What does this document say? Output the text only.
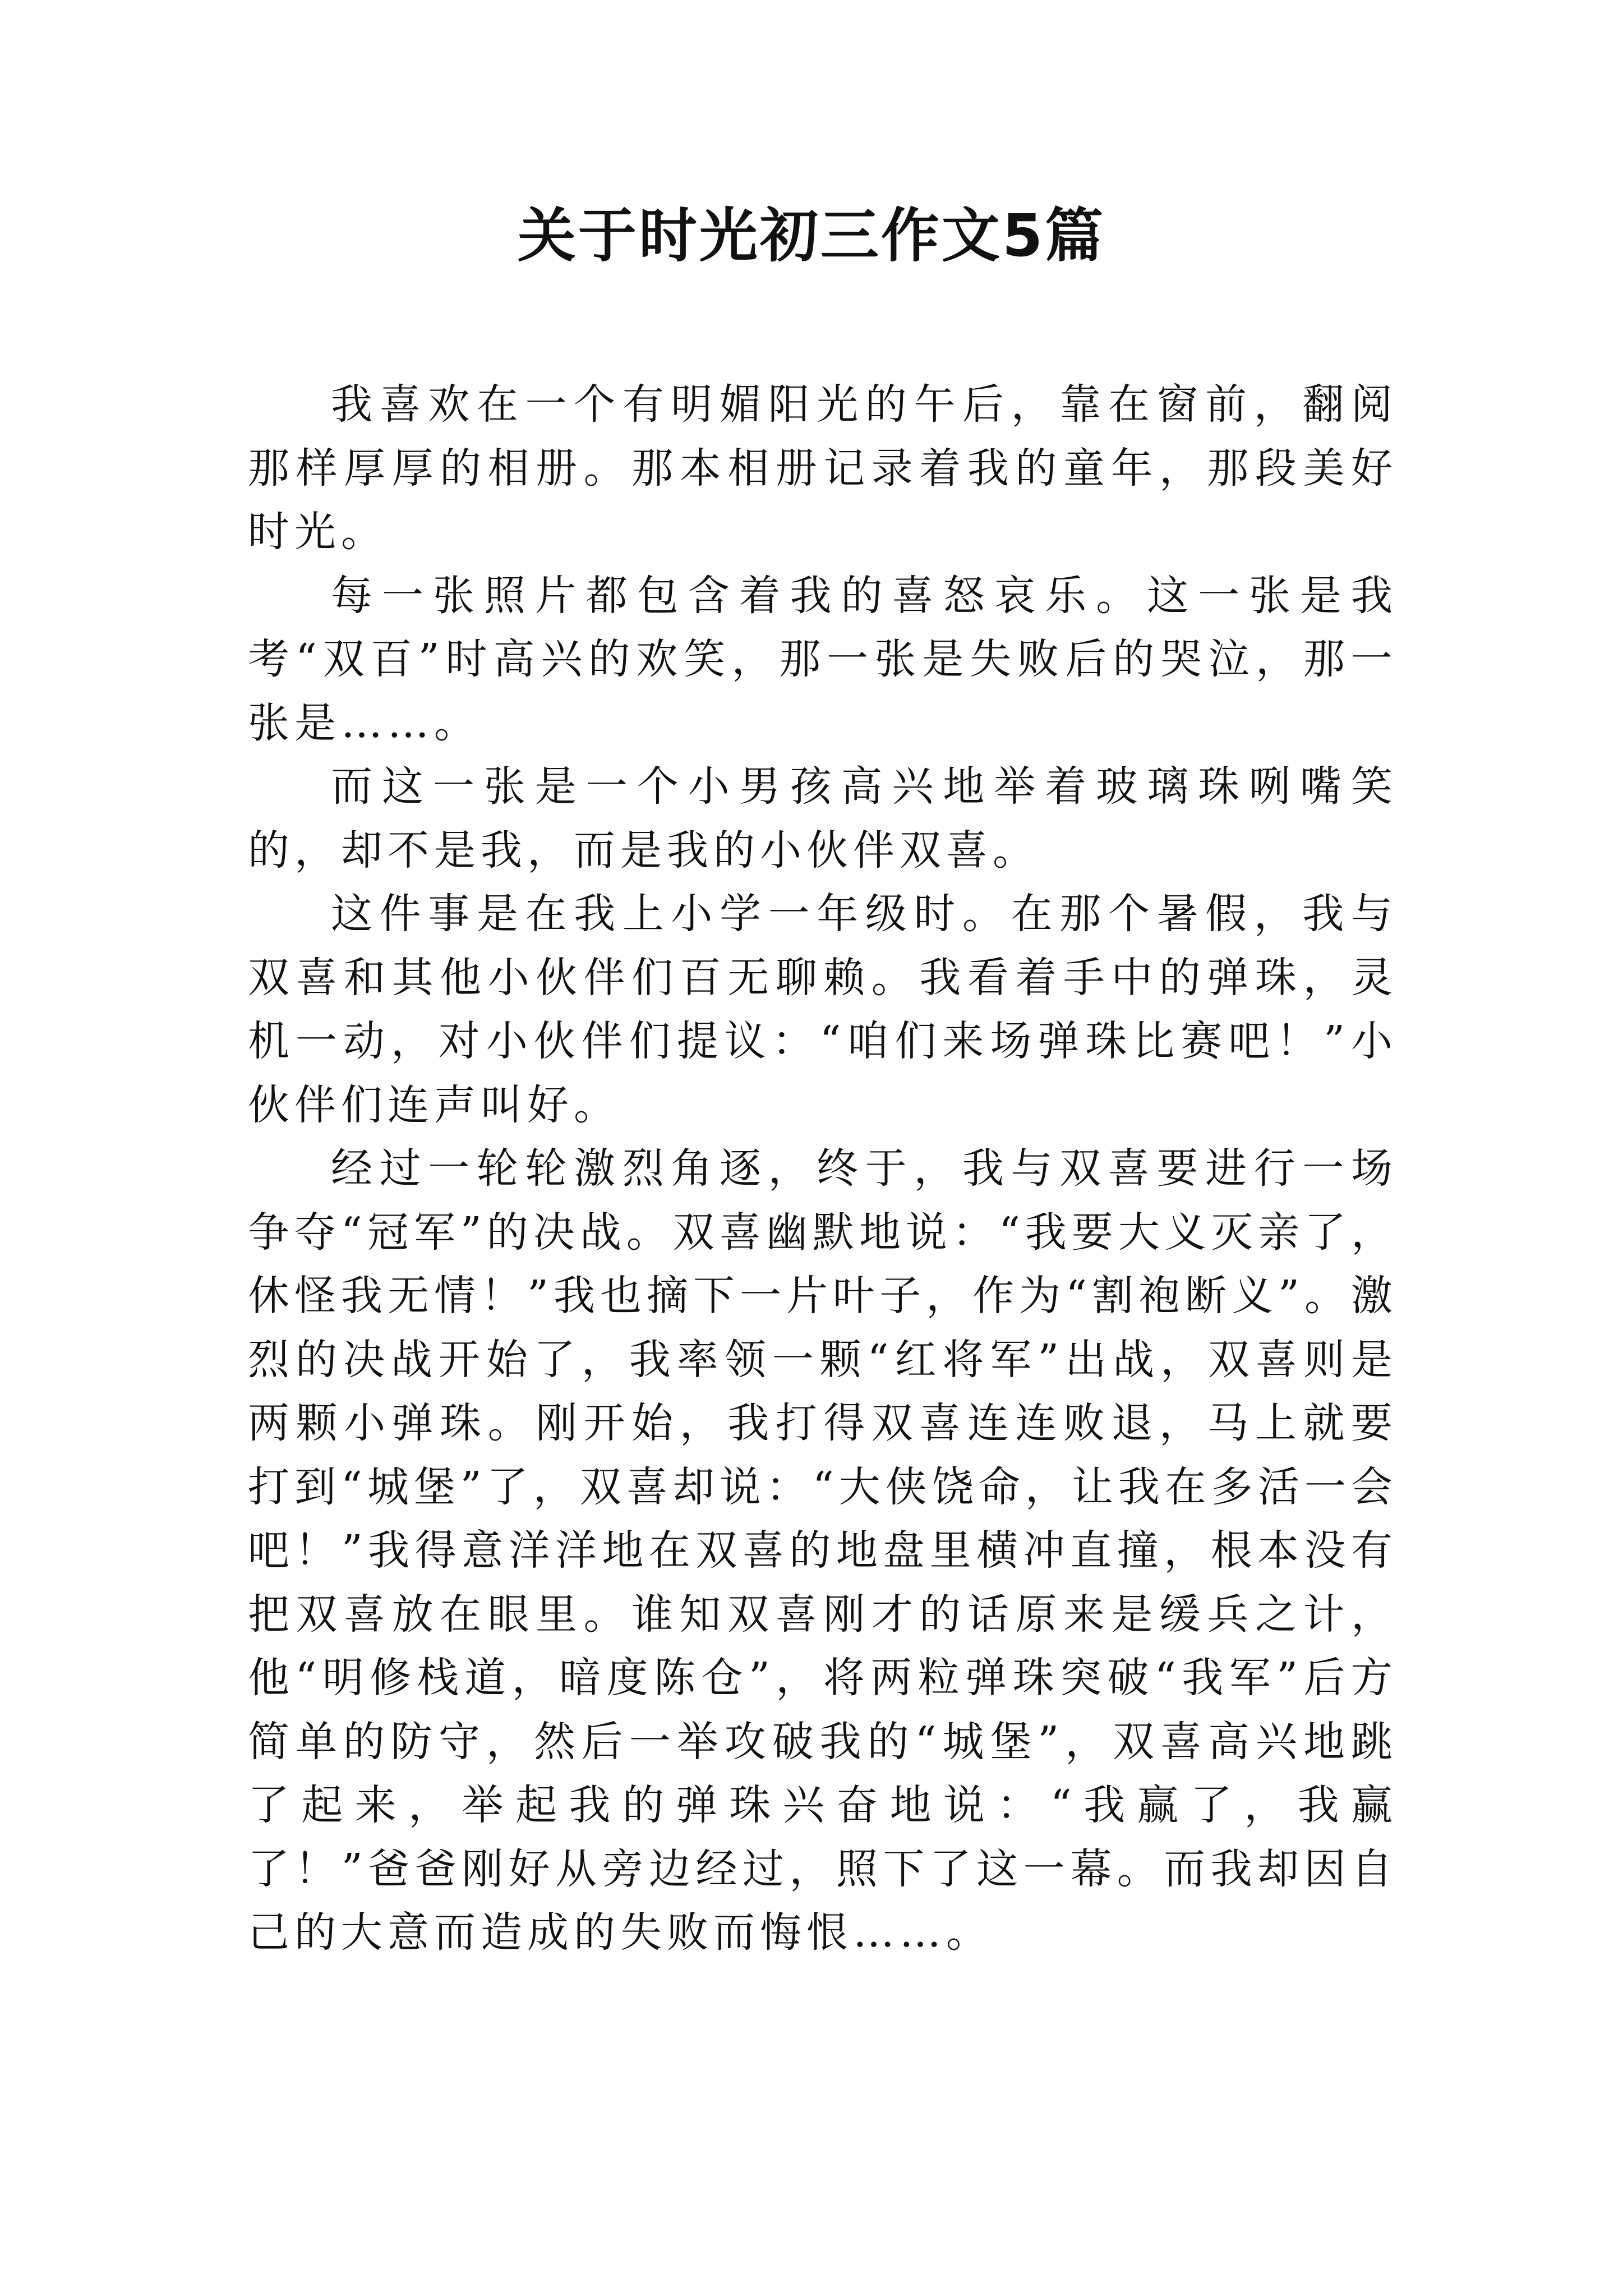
关于时光初三作文5篇

我喜欢在一个有明媚阳光的午后，靠在窗前，翻阅那样厚厚的相册。那本相册记录着我的童年，那段美好时光。

每一张照片都包含着我的喜怒哀乐。这一张是我考“双百”时高兴的欢笑，那一张是失败后的哭泣，那一张是……。

而这一张是一个小男孩高兴地举着玻璃珠咧嘴笑的，却不是我，而是我的小伙伴双喜。

这件事是在我上小学一年级时。在那个暑假，我与双喜和其他小伙伴们百无聊赖。我看着手中的弹珠，灵机一动，对小伙伴们提议：“咱们来场弹珠比赛吧！”小伙伴们连声叫好。

经过一轮轮激烈角逐，终于，我与双喜要进行一场争夺“冠军”的决战。双喜幽默地说：“我要大义灭亲了，休怪我无情！”我也摘下一片叶子，作为“割袍断义”。激烈的决战开始了，我率领一颗“红将军”出战，双喜则是两颗小弹珠。刚开始，我打得双喜连连败退，马上就要打到“城堡”了，双喜却说：“大侠饶命，让我在多活一会吧！”我得意洋洋地在双喜的地盘里横冲直撞，根本没有把双喜放在眼里。谁知双喜刚才的话原来是缓兵之计，他“明修栈道，暗度陈仓”，将两粒弹珠突破“我军”后方简单的防守，然后一举攻破我的“城堡”，双喜高兴地跳了起来，举起我的弹珠兴奋地说：“我赢了，我赢了！”爸爸刚好从旁边经过，照下了这一幕。而我却因自己的大意而造成的失败而悔恨……。
